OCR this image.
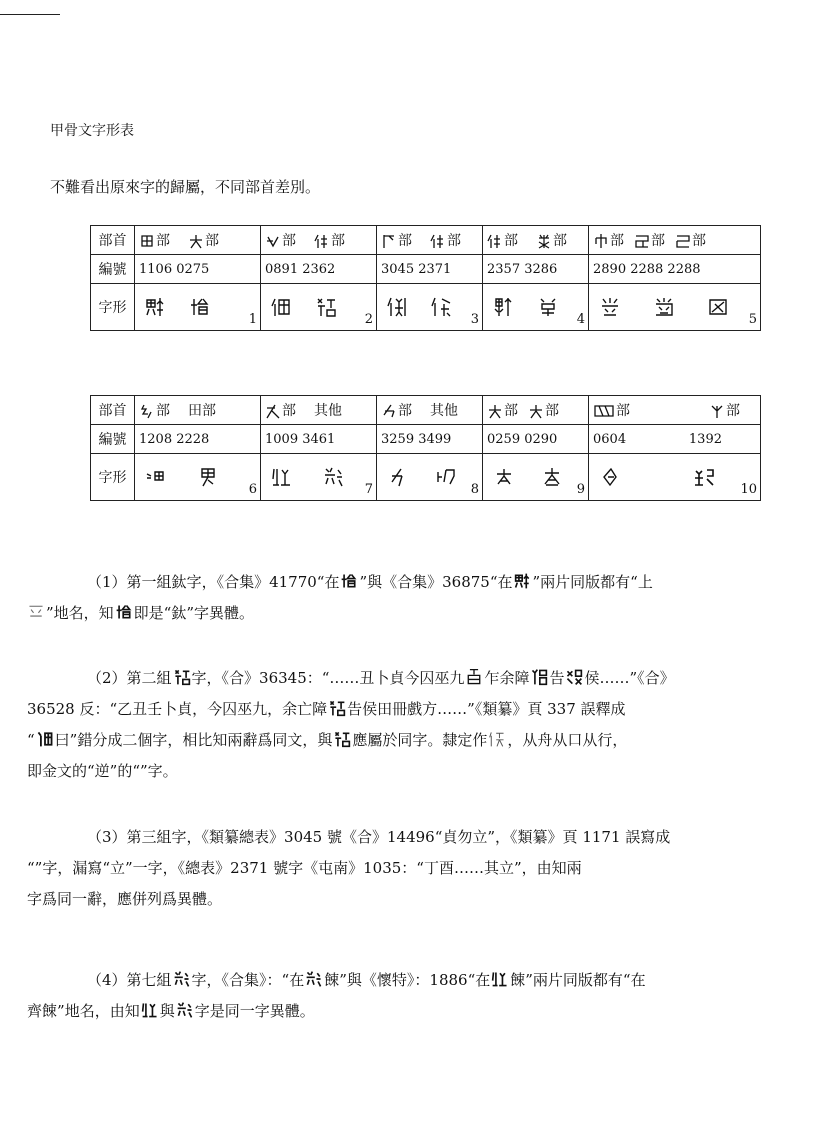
甲骨文字形表
不難看出原來字的歸屬，不同部首差別。
部首	部 部	部 部	部 部	部 部	部 部 部

編號	1106 0275	0891 2362	3045 2371	2357 3286	2890 2288 2288
字形	1	2	3	4	5
部首	部 田部	部 其他	部 其他	部 部	部 部

編號	1208 2228	1009 3461	3259 3499	0259 0290	0604 1392

字形	6	7	8	9	10
（1）第一組鈦字，《合集》41770“在 ”與《合集》36875“在 ”兩片同版都有“上

”地名，知 即是“鈦”字異體。
（2）第二組 字，《合》36345：“……丑卜貞今囚巫九 乍余障 告 侯……”《合》
36528 反：“乙丑壬卜貞，今囚巫九，余亡障 告侯田冊戲方……”《類纂》頁 337 誤釋成
“ 曰”錯分成二個字，相比知兩辭爲同文，與 應屬於同字。隸定作 ，从舟从口从行，
即金文的“逆”的“”字。
（3）第三組字，《類纂總表》3045 號《合》14496“貞勿立”，《類纂》頁 1171 誤寫成
“”字，漏寫“立”一字，《總表》2371 號字《屯南》1035：“丁酉……其立”，由知兩
字爲同一辭，應併列爲異體。
（4）第七組 字，《合集》：“在 餗”與《懷特》：1886“在 餗”兩片同版都有“在
齊餗”地名，由知 與 字是同一字異體。
